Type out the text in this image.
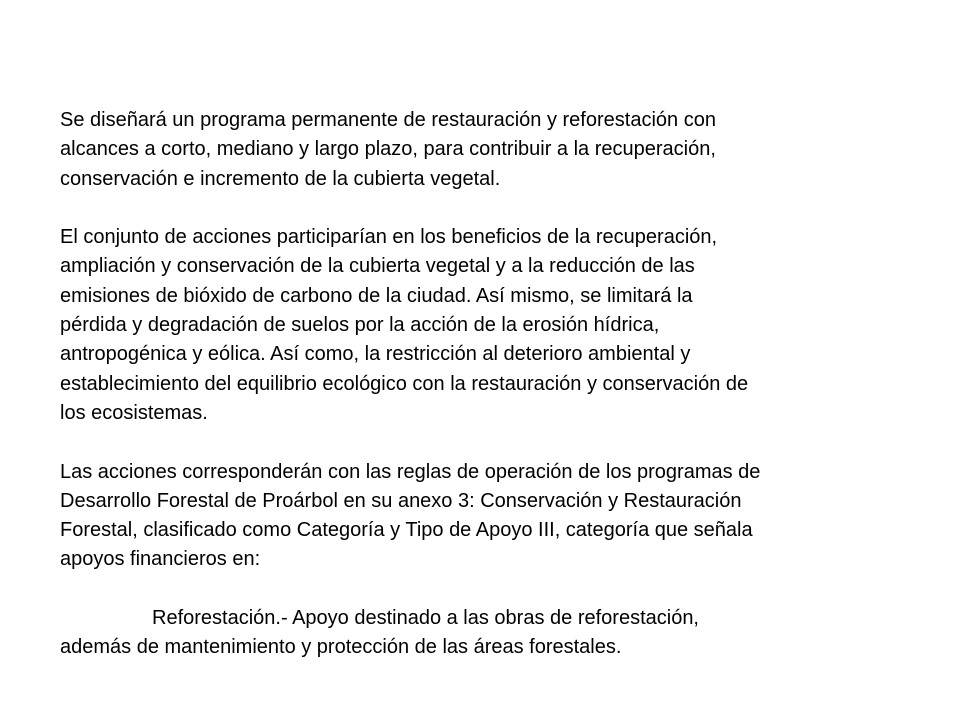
Se diseñará un programa permanente de restauración y reforestación con
alcances a corto, mediano y largo plazo, para contribuir a la recuperación,
conservación e incremento de la cubierta vegetal.

El conjunto de acciones participarían en los beneficios de la recuperación,
ampliación y conservación de la cubierta vegetal y a la reducción de las
emisiones de bióxido de carbono de la ciudad. Así mismo, se limitará la
pérdida y degradación de suelos por la acción de la erosión hídrica,
antropogénica y eólica. Así como, la restricción al deterioro ambiental y
establecimiento del equilibrio ecológico con la restauración y conservación de
los ecosistemas.

Las acciones corresponderán con las reglas de operación de los programas de
Desarrollo Forestal de Proárbol en su anexo 3: Conservación y Restauración
Forestal, clasificado como Categoría y Tipo de Apoyo III, categoría que señala
apoyos financieros en:

Reforestación.- Apoyo destinado a las obras de reforestación,
además de mantenimiento y protección de las áreas forestales.
